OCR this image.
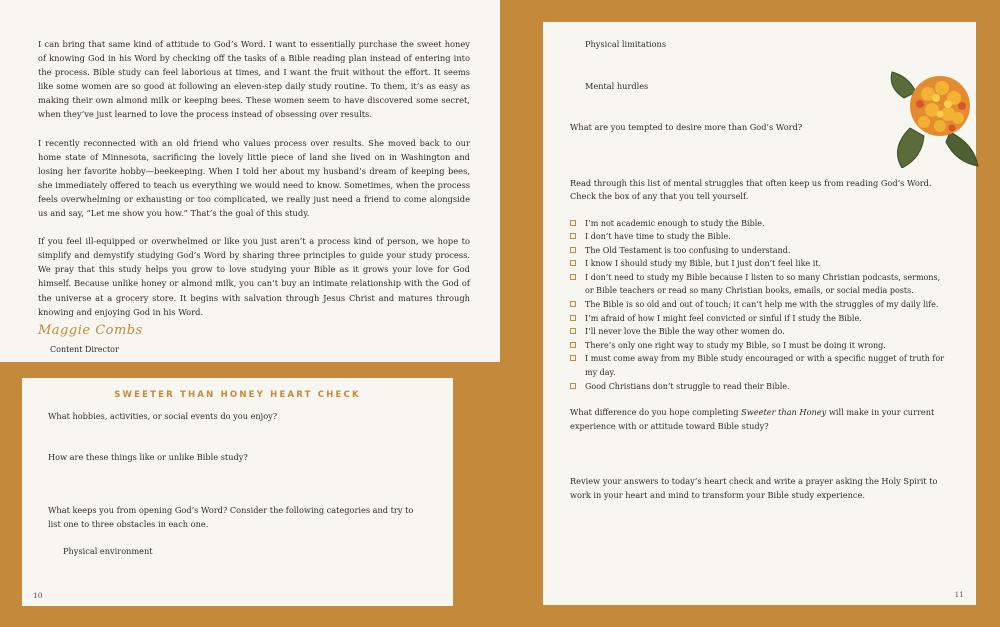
I can bring that same kind of attitude to God’s Word. I want to essentially purchase the sweet honey of knowing God in his Word by checking off the tasks of a Bible reading plan instead of entering into the process. Bible study can feel laborious at times, and I want the fruit without the effort. It seems like some women are so good at following an eleven-step daily study routine. To them, it’s as easy as making their own almond milk or keeping bees. These women seem to have discovered some secret, when they’ve just learned to love the process instead of obsessing over results.

I recently reconnected with an old friend who values process over results. She moved back to our home state of Minnesota, sacrificing the lovely little piece of land she lived on in Washington and losing her favorite hobby—beekeeping. When I told her about my husband’s dream of keeping bees, she immediately offered to teach us everything we would need to know. Sometimes, when the process feels overwhelming or exhausting or too complicated, we really just need a friend to come alongside us and say, “Let me show you how.” That’s the goal of this study.

If you feel ill-equipped or overwhelmed or like you just aren’t a process kind of person, we hope to simplify and demystify studying God’s Word by sharing three principles to guide your study process. We pray that this study helps you grow to love studying your Bible as it grows your love for God himself. Because unlike honey or almond milk, you can’t buy an intimate relationship with the God of the universe at a grocery store. It begins with salvation through Jesus Christ and matures through knowing and enjoying God in his Word.

Maggie Combs
Content Director
SWEETER THAN HONEY HEART CHECK

What hobbies, activities, or social events do you enjoy?

How are these things like or unlike Bible study?

What keeps you from opening God’s Word? Consider the following categories and try to list one to three obstacles in each one.

Physical environment

10

Physical limitations

Mental hurdles

What are you tempted to desire more than God’s Word?

Read through this list of mental struggles that often keep us from reading God’s Word. Check the box of any that you tell yourself.

I’m not academic enough to study the Bible.
I don’t have time to study the Bible.
The Old Testament is too confusing to understand.
I know I should study my Bible, but I just don’t feel like it.
I don’t need to study my Bible because I listen to so many Christian podcasts, sermons, or Bible teachers or read so many Christian books, emails, or social media posts.
The Bible is so old and out of touch; it can’t help me with the struggles of my daily life.
I’m afraid of how I might feel convicted or sinful if I study the Bible.
I’ll never love the Bible the way other women do.
There’s only one right way to study my Bible, so I must be doing it wrong.
I must come away from my Bible study encouraged or with a specific nugget of truth for my day.
Good Christians don’t struggle to read their Bible.

What difference do you hope completing Sweeter than Honey will make in your current experience with or attitude toward Bible study?

Review your answers to today’s heart check and write a prayer asking the Holy Spirit to work in your heart and mind to transform your Bible study experience.

11
